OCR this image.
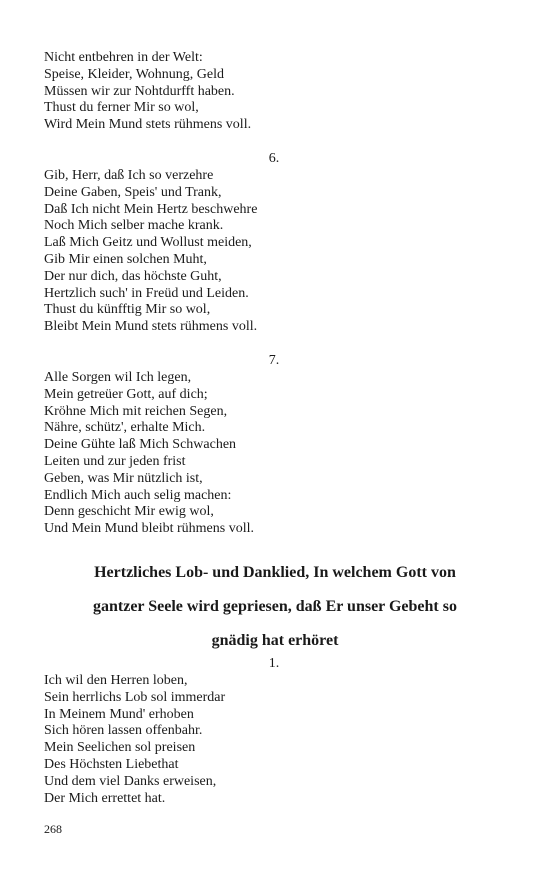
Nicht entbehren in der Welt:
Speise, Kleider, Wohnung, Geld
Müssen wir zur Nohtdurfft haben.
Thust du ferner Mir so wol,
Wird Mein Mund stets rühmens voll.
6.
Gib, Herr, daß Ich so verzehre
Deine Gaben, Speis' und Trank,
Daß Ich nicht Mein Hertz beschwehre
Noch Mich selber mache krank.
Laß Mich Geitz und Wollust meiden,
Gib Mir einen solchen Muht,
Der nur dich, das höchste Guht,
Hertzlich such' in Freüd und Leiden.
Thust du künfftig Mir so wol,
Bleibt Mein Mund stets rühmens voll.
7.
Alle Sorgen wil Ich legen,
Mein getreüer Gott, auf dich;
Kröhne Mich mit reichen Segen,
Nähre, schütz', erhalte Mich.
Deine Gühte laß Mich Schwachen
Leiten und zur jeden frist
Geben, was Mir nützlich ist,
Endlich Mich auch selig machen:
Denn geschicht Mir ewig wol,
Und Mein Mund bleibt rühmens voll.
Hertzliches Lob- und Danklied, In welchem Gott von
gantzer Seele wird gepriesen, daß Er unser Gebeht so
gnädig hat erhöret
1.
Ich wil den Herren loben,
Sein herrlichs Lob sol immerdar
In Meinem Mund' erhoben
Sich hören lassen offenbahr.
Mein Seelichen sol preisen
Des Höchsten Liebethat
Und dem viel Danks erweisen,
Der Mich errettet hat.
268
